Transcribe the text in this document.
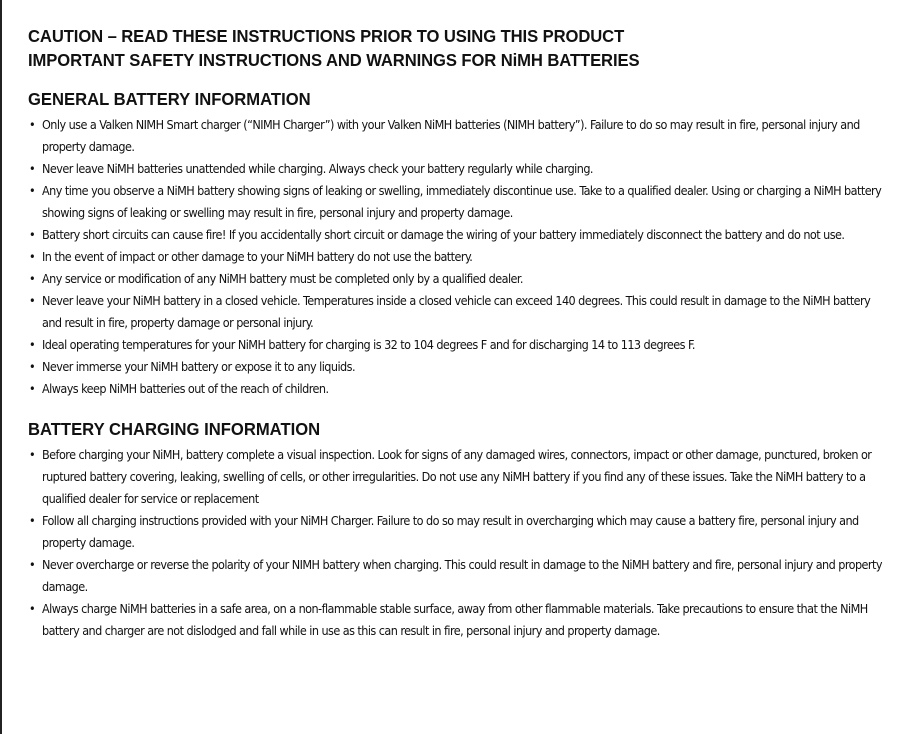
CAUTION – READ THESE INSTRUCTIONS PRIOR TO USING THIS PRODUCT
IMPORTANT SAFETY INSTRUCTIONS AND WARNINGS FOR NiMH BATTERIES
GENERAL BATTERY INFORMATION
• Only use a Valken NIMH Smart charger (“NIMH Charger”) with your Valken NiMH batteries (NIMH battery”). Failure to do so may result in fire, personal injury and property damage.
• Never leave NiMH batteries unattended while charging. Always check your battery regularly while charging.
• Any time you observe a NiMH battery showing signs of leaking or swelling, immediately discontinue use. Take to a qualified dealer. Using or charging a NiMH battery showing signs of leaking or swelling may result in fire, personal injury and property damage.
• Battery short circuits can cause fire! If you accidentally short circuit or damage the wiring of your battery immediately disconnect the battery and do not use.
• In the event of impact or other damage to your NiMH battery do not use the battery.
• Any service or modification of any NiMH battery must be completed only by a qualified dealer.
• Never leave your NiMH battery in a closed vehicle. Temperatures inside a closed vehicle can exceed 140 degrees. This could result in damage to the NiMH battery and result in fire, property damage or personal injury.
• Ideal operating temperatures for your NiMH battery for charging is 32 to 104 degrees F and for discharging 14 to 113 degrees F.
• Never immerse your NiMH battery or expose it to any liquids.
• Always keep NiMH batteries out of the reach of children.
BATTERY CHARGING INFORMATION
• Before charging your NiMH, battery complete a visual inspection. Look for signs of any damaged wires, connectors, impact or other damage, punctured, broken or ruptured battery covering, leaking, swelling of cells, or other irregularities. Do not use any NiMH battery if you find any of these issues. Take the NiMH battery to a qualified dealer for service or replacement
• Follow all charging instructions provided with your NiMH Charger. Failure to do so may result in overcharging which may cause a battery fire, personal injury and property damage.
• Never overcharge or reverse the polarity of your NIMH battery when charging. This could result in damage to the NiMH battery and fire, personal injury and property damage.
• Always charge NiMH batteries in a safe area, on a non-flammable stable surface, away from other flammable materials. Take precautions to ensure that the NiMH battery and charger are not dislodged and fall while in use as this can result in fire, personal injury and property damage.
